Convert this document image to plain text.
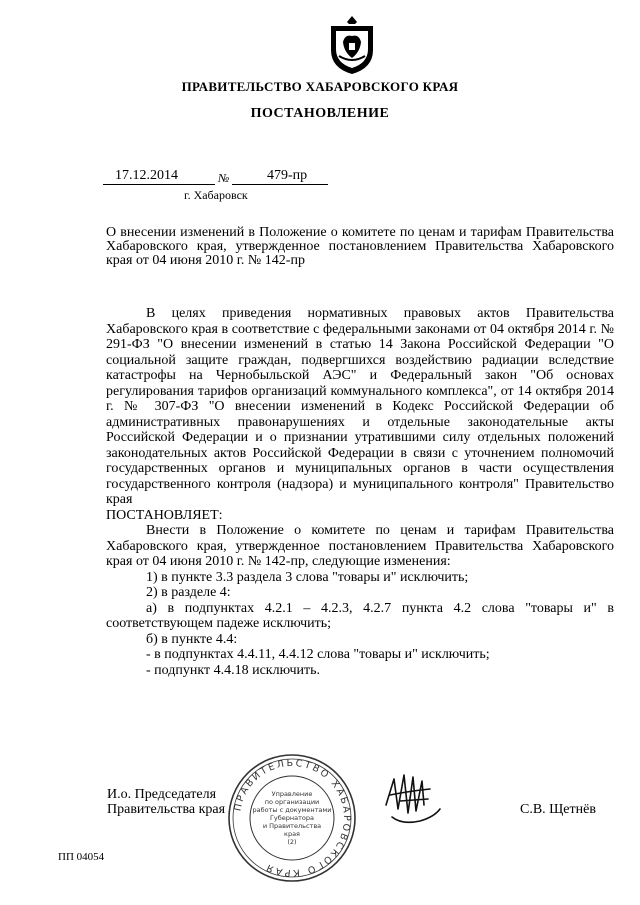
ПРАВИТЕЛЬСТВО ХАБАРОВСКОГО КРАЯ
ПОСТАНОВЛЕНИЕ
17.12.2014	№	479-пр
г. Хабаровск
О внесении изменений в Положение о комитете по ценам и тарифам Правительства Хабаровского края, утвержденное постановлением Правительства Хабаровского края от 04 июня 2010 г. № 142-пр

В целях приведения нормативных правовых актов Правительства Хабаровского края в соответствие с федеральными законами от 04 октября 2014 г. № 291-ФЗ "О внесении изменений в статью 14 Закона Российской Федерации "О социальной защите граждан, подвергшихся воздействию радиации вследствие катастрофы на Чернобыльской АЭС" и Федеральный закон "Об основах регулирования тарифов организаций коммунального комплекса", от 14 октября 2014 г. № 307-ФЗ "О внесении изменений в Кодекс Российской Федерации об административных правонарушениях и отдельные законодательные акты Российской Федерации и о признании утратившими силу отдельных положений законодательных актов Российской Федерации в связи с уточнением полномочий государственных органов и муниципальных органов в части осуществления государственного контроля (надзора) и муниципального контроля" Правительство края

ПОСТАНОВЛЯЕТ:

Внести в Положение о комитете по ценам и тарифам Правительства Хабаровского края, утвержденное постановлением Правительства Хабаровского края от 04 июня 2010 г. № 142-пр, следующие изменения:

1) в пункте 3.3 раздела 3 слова "товары и" исключить;

2) в разделе 4:

а) в подпунктах 4.2.1 – 4.2.3, 4.2.7 пункта 4.2 слова "товары и" в соответствующем падеже исключить;

б) в пункте 4.4:

- в подпунктах 4.4.11, 4.4.12 слова "товары и" исключить;

- подпункт 4.4.18 исключить.

И.о. Председателя
Правительства края ПРАВИТЕЛЬСТВО ХАБАРОВСКОГО КРАЯ
Управление
по организации
работы с документами
Губернатора
и Правительства
края
(2)
С.В. Щетнёв
ПП 04054
